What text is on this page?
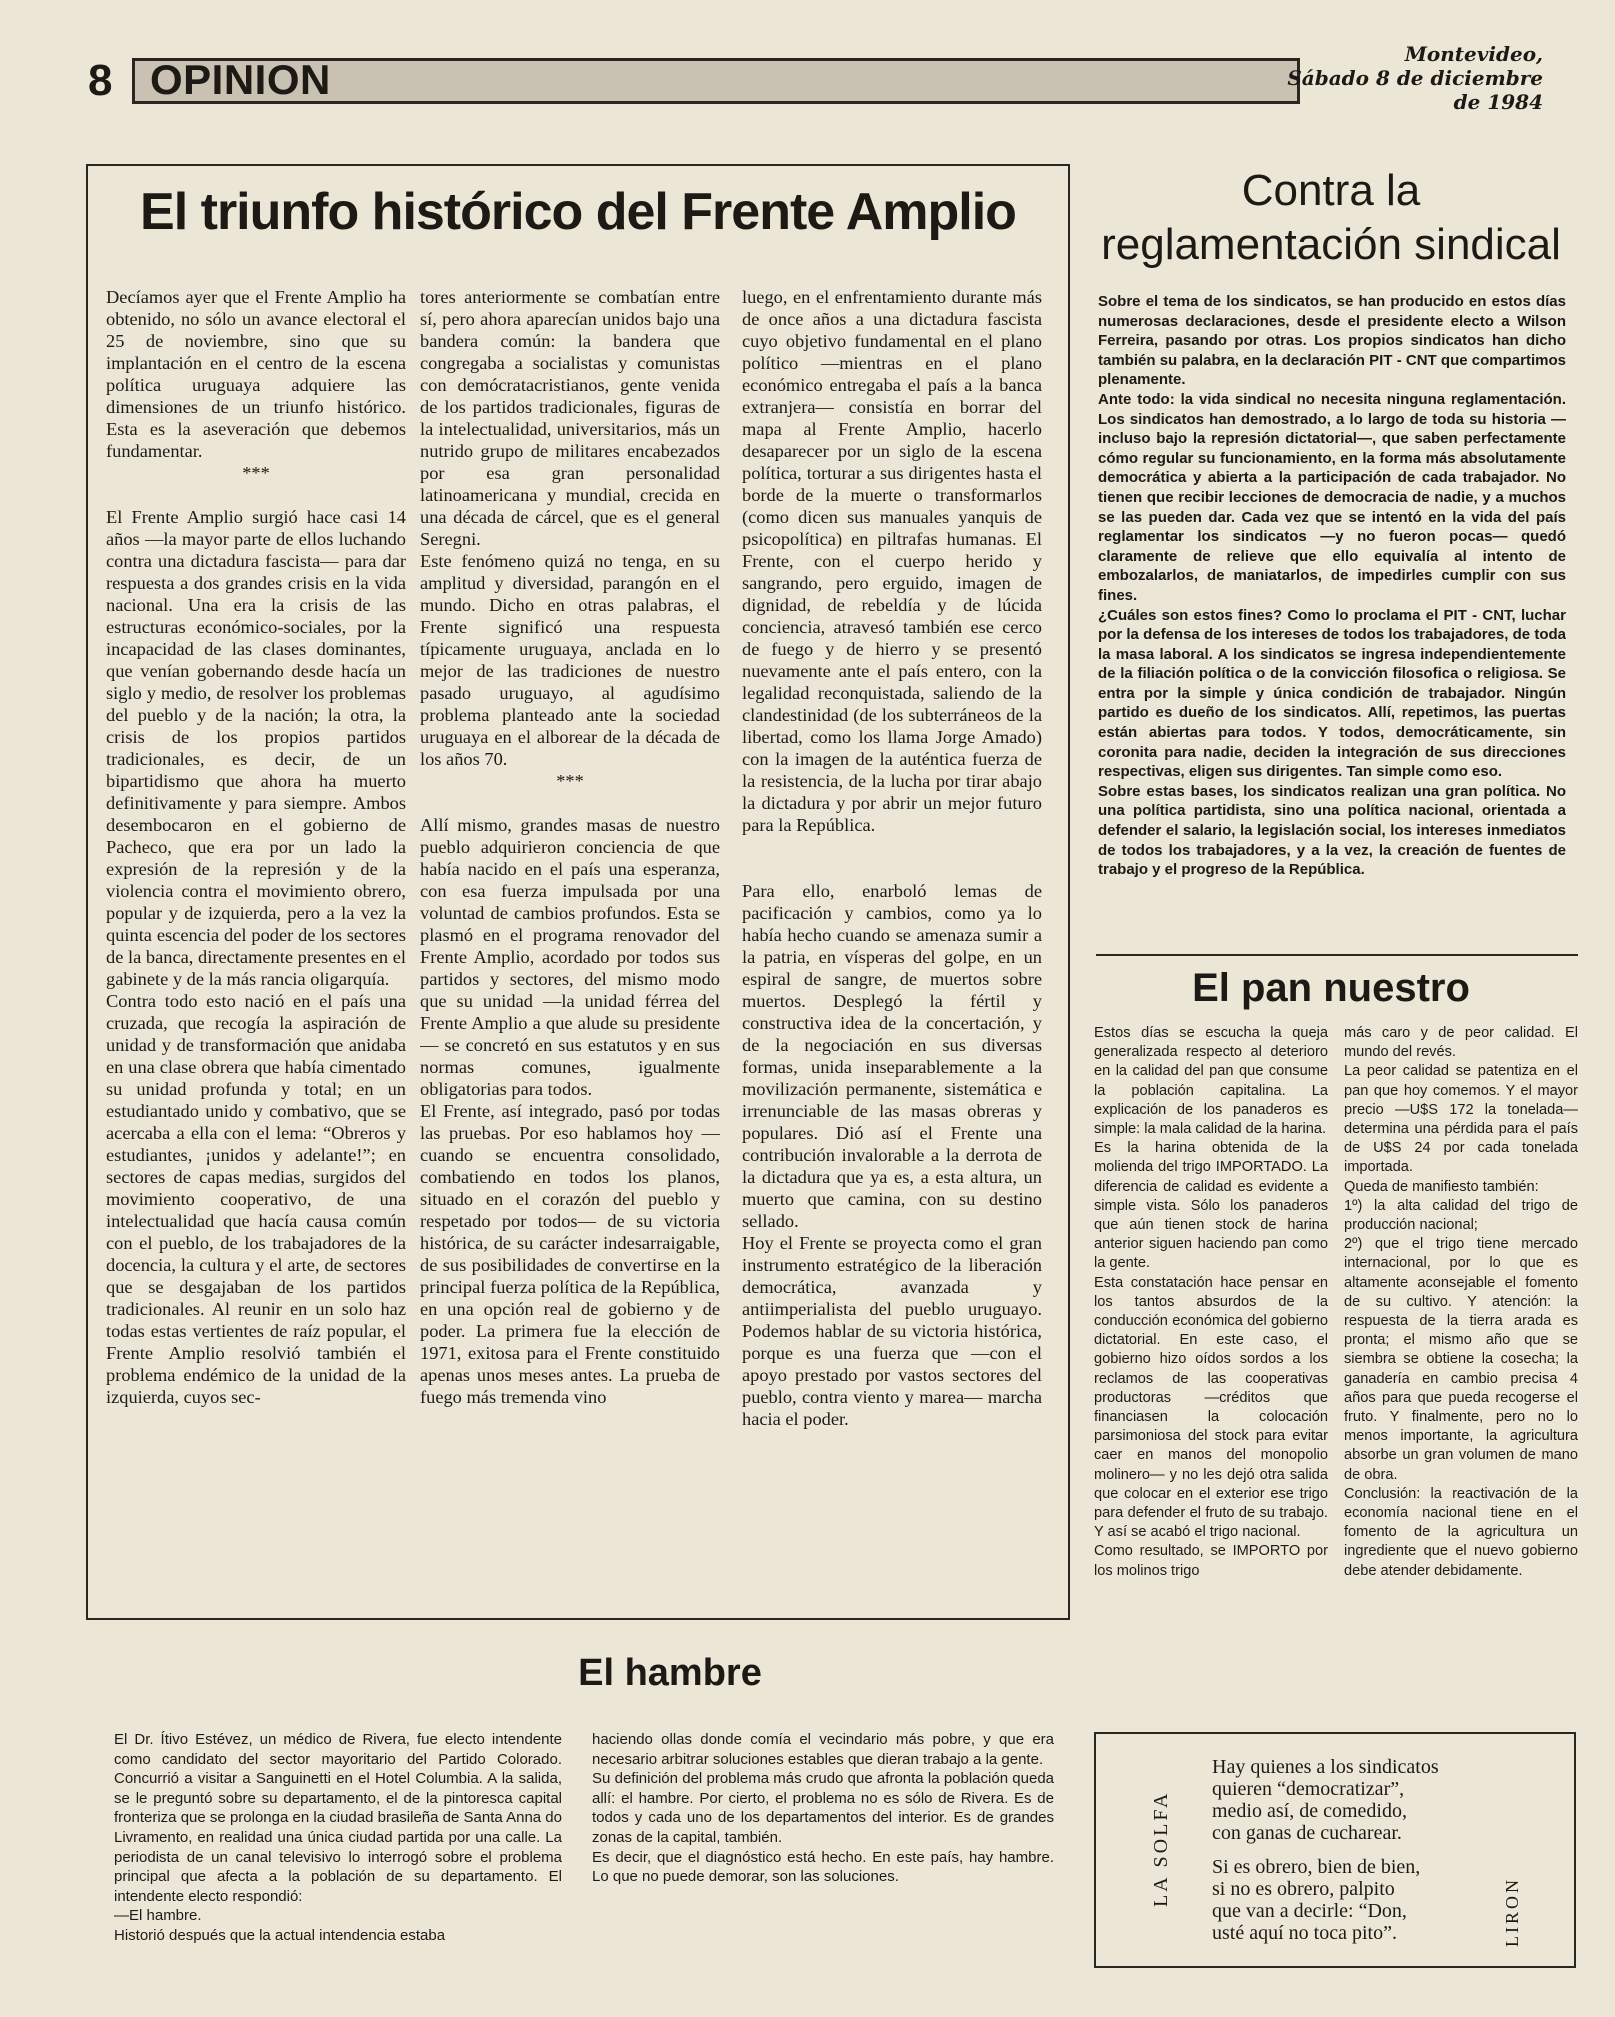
8 OPINION
Montevideo,
Sábado 8 de diciembre
de 1984
El triunfo histórico del Frente Amplio

Decíamos ayer que el Frente Amplio ha obtenido, no sólo un avance electoral el 25 de noviembre, sino que su implantación en el centro de la escena política uruguaya adquiere las dimensiones de un triunfo histórico. Esta es la aseveración que debemos fundamentar.

***

El Frente Amplio surgió hace casi 14 años —la mayor parte de ellos luchando contra una dictadura fascista— para dar respuesta a dos grandes crisis en la vida nacional. Una era la crisis de las estructuras económico-sociales, por la incapacidad de las clases dominantes, que venían gobernando desde hacía un siglo y medio, de resolver los problemas del pueblo y de la nación; la otra, la crisis de los propios partidos tradicionales, es decir, de un bipartidismo que ahora ha muerto definitivamente y para siempre. Ambos desembocaron en el gobierno de Pacheco, que era por un lado la expresión de la represión y de la violencia contra el movimiento obrero, popular y de izquierda, pero a la vez la quinta escencia del poder de los sectores de la banca, directamente presentes en el gabinete y de la más rancia oligarquía.
Contra todo esto nació en el país una cruzada, que recogía la aspiración de unidad y de transformación que anidaba en una clase obrera que había cimentado su unidad profunda y total; en un estudiantado unido y combativo, que se acercaba a ella con el lema: “Obreros y estudiantes, ¡unidos y adelante!”; en sectores de capas medias, surgidos del movimiento cooperativo, de una intelectualidad que hacía causa común con el pueblo, de los trabajadores de la docencia, la cultura y el arte, de sectores que se desgajaban de los partidos tradicionales. Al reunir en un solo haz todas estas vertientes de raíz popular, el Frente Amplio resolvió también el problema endémico de la unidad de la izquierda, cuyos sec-

tores anteriormente se combatían entre sí, pero ahora aparecían unidos bajo una bandera común: la bandera que congregaba a socialistas y comunistas con demócratacristianos, gente venida de los partidos tradicionales, figuras de la intelectualidad, universitarios, más un nutrido grupo de militares encabezados por esa gran personalidad latinoamericana y mundial, crecida en una década de cárcel, que es el general Seregni.
Este fenómeno quizá no tenga, en su amplitud y diversidad, parangón en el mundo. Dicho en otras palabras, el Frente significó una respuesta típicamente uruguaya, anclada en lo mejor de las tradiciones de nuestro pasado uruguayo, al agudísimo problema planteado ante la sociedad uruguaya en el alborear de la década de los años 70.

***

Allí mismo, grandes masas de nuestro pueblo adquirieron conciencia de que había nacido en el país una esperanza, con esa fuerza impulsada por una voluntad de cambios profundos. Esta se plasmó en el programa renovador del Frente Amplio, acordado por todos sus partidos y sectores, del mismo modo que su unidad —la unidad férrea del Frente Amplio a que alude su presidente— se concretó en sus estatutos y en sus normas comunes, igualmente obligatorias para todos.
El Frente, así integrado, pasó por todas las pruebas. Por eso hablamos hoy —cuando se encuentra consolidado, combatiendo en todos los planos, situado en el corazón del pueblo y respetado por todos— de su victoria histórica, de su carácter indesarraigable, de sus posibilidades de convertirse en la principal fuerza política de la República, en una opción real de gobierno y de poder. La primera fue la elección de 1971, exitosa para el Frente constituido apenas unos meses antes. La prueba de fuego más tremenda vino

luego, en el enfrentamiento durante más de once años a una dictadura fascista cuyo objetivo fundamental en el plano político —mientras en el plano económico entregaba el país a la banca extranjera— consistía en borrar del mapa al Frente Amplio, hacerlo desaparecer por un siglo de la escena política, torturar a sus dirigentes hasta el borde de la muerte o transformarlos (como dicen sus manuales yanquis de psicopolítica) en piltrafas humanas. El Frente, con el cuerpo herido y sangrando, pero erguido, imagen de dignidad, de rebeldía y de lúcida conciencia, atravesó también ese cerco de fuego y de hierro y se presentó nuevamente ante el país entero, con la legalidad reconquistada, saliendo de la clandestinidad (de los subterráneos de la libertad, como los llama Jorge Amado) con la imagen de la auténtica fuerza de la resistencia, de la lucha por tirar abajo la dictadura y por abrir un mejor futuro para la República.

Para ello, enarboló lemas de pacificación y cambios, como ya lo había hecho cuando se amenaza sumir a la patria, en vísperas del golpe, en un espiral de sangre, de muertos sobre muertos. Desplegó la fértil y constructiva idea de la concertación, y de la negociación en sus diversas formas, unida inseparablemente a la movilización permanente, sistemática e irrenunciable de las masas obreras y populares. Dió así el Frente una contribución invalorable a la derrota de la dictadura que ya es, a esta altura, un muerto que camina, con su destino sellado.
Hoy el Frente se proyecta como el gran instrumento estratégico de la liberación democrática, avanzada y antiimperialista del pueblo uruguayo. Podemos hablar de su victoria histórica, porque es una fuerza que —con el apoyo prestado por vastos sectores del pueblo, contra viento y marea— marcha hacia el poder.

Contra la reglamentación sindical
Sobre el tema de los sindicatos, se han producido en estos días numerosas declaraciones, desde el presidente electo a Wilson Ferreira, pasando por otras. Los propios sindicatos han dicho también su palabra, en la declaración PIT - CNT que compartimos plenamente.
Ante todo: la vida sindical no necesita ninguna reglamentación. Los sindicatos han demostrado, a lo largo de toda su historia —incluso bajo la represión dictatorial—, que saben perfectamente cómo regular su funcionamiento, en la forma más absolutamente democrática y abierta a la participación de cada trabajador. No tienen que recibir lecciones de democracia de nadie, y a muchos se las pueden dar. Cada vez que se intentó en la vida del país reglamentar los sindicatos —y no fueron pocas— quedó claramente de relieve que ello equivalía al intento de embozalarlos, de maniatarlos, de impedirles cumplir con sus fines.
¿Cuáles son estos fines? Como lo proclama el PIT - CNT, luchar por la defensa de los intereses de todos los trabajadores, de toda la masa laboral. A los sindicatos se ingresa independientemente de la filiación política o de la convicción filosofica o religiosa. Se entra por la simple y única condición de trabajador. Ningún partido es dueño de los sindicatos. Allí, repetimos, las puertas están abiertas para todos. Y todos, democráticamente, sin coronita para nadie, deciden la integración de sus direcciones respectivas, eligen sus dirigentes. Tan simple como eso.
Sobre estas bases, los sindicatos realizan una gran política. No una política partidista, sino una política nacional, orientada a defender el salario, la legislación social, los intereses inmediatos de todos los trabajadores, y a la vez, la creación de fuentes de trabajo y el progreso de la República.
El pan nuestro
Estos días se escucha la queja generalizada respecto al deterioro en la calidad del pan que consume la población capitalina. La explicación de los panaderos es simple: la mala calidad de la harina.
Es la harina obtenida de la molienda del trigo IMPORTADO. La diferencia de calidad es evidente a simple vista. Sólo los panaderos que aún tienen stock de harina anterior siguen haciendo pan como la gente.
Esta constatación hace pensar en los tantos absurdos de la conducción económica del gobierno dictatorial. En este caso, el gobierno hizo oídos sordos a los reclamos de las cooperativas productoras —créditos que financiasen la colocación parsimoniosa del stock para evitar caer en manos del monopolio molinero— y no les dejó otra salida que colocar en el exterior ese trigo para defender el fruto de su trabajo. Y así se acabó el trigo nacional.
Como resultado, se IMPORTO por los molinos trigo
más caro y de peor calidad. El mundo del revés.
La peor calidad se patentiza en el pan que hoy comemos. Y el mayor precio —U$S 172 la tonelada— determina una pérdida para el país de U$S 24 por cada tonelada importada.
Queda de manifiesto también:
1º) la alta calidad del trigo de producción nacional;
2º) que el trigo tiene mercado internacional, por lo que es altamente aconsejable el fomento de su cultivo. Y atención: la respuesta de la tierra arada es pronta; el mismo año que se siembra se obtiene la cosecha; la ganadería en cambio precisa 4 años para que pueda recogerse el fruto. Y finalmente, pero no lo menos importante, la agricultura absorbe un gran volumen de mano de obra.
Conclusión: la reactivación de la economía nacional tiene en el fomento de la agricultura un ingrediente que el nuevo gobierno debe atender debidamente.
El hambre
El Dr. Ítivo Estévez, un médico de Rivera, fue electo intendente como candidato del sector mayoritario del Partido Colorado. Concurrió a visitar a Sanguinetti en el Hotel Columbia. A la salida, se le preguntó sobre su departamento, el de la pintoresca capital fronteriza que se prolonga en la ciudad brasileña de Santa Anna do Livramento, en realidad una única ciudad partida por una calle. La periodista de un canal televisivo lo interrogó sobre el problema principal que afecta a la población de su departamento. El intendente electo respondió:
—El hambre.
Historió después que la actual intendencia estaba
haciendo ollas donde comía el vecindario más pobre, y que era necesario arbitrar soluciones estables que dieran trabajo a la gente.
Su definición del problema más crudo que afronta la población queda allí: el hambre. Por cierto, el problema no es sólo de Rivera. Es de todos y cada uno de los departamentos del interior. Es de grandes zonas de la capital, también.
Es decir, que el diagnóstico está hecho. En este país, hay hambre. Lo que no puede demorar, son las soluciones.	LA SOLFA
Hay quienes a los sindicatos
quieren “democratizar”,
medio así, de comedido,
con ganas de cucharear.
Si es obrero, bien de bien,
si no es obrero, palpito
que van a decirle: “Don,
usté aquí no toca pito”.	LIRON
